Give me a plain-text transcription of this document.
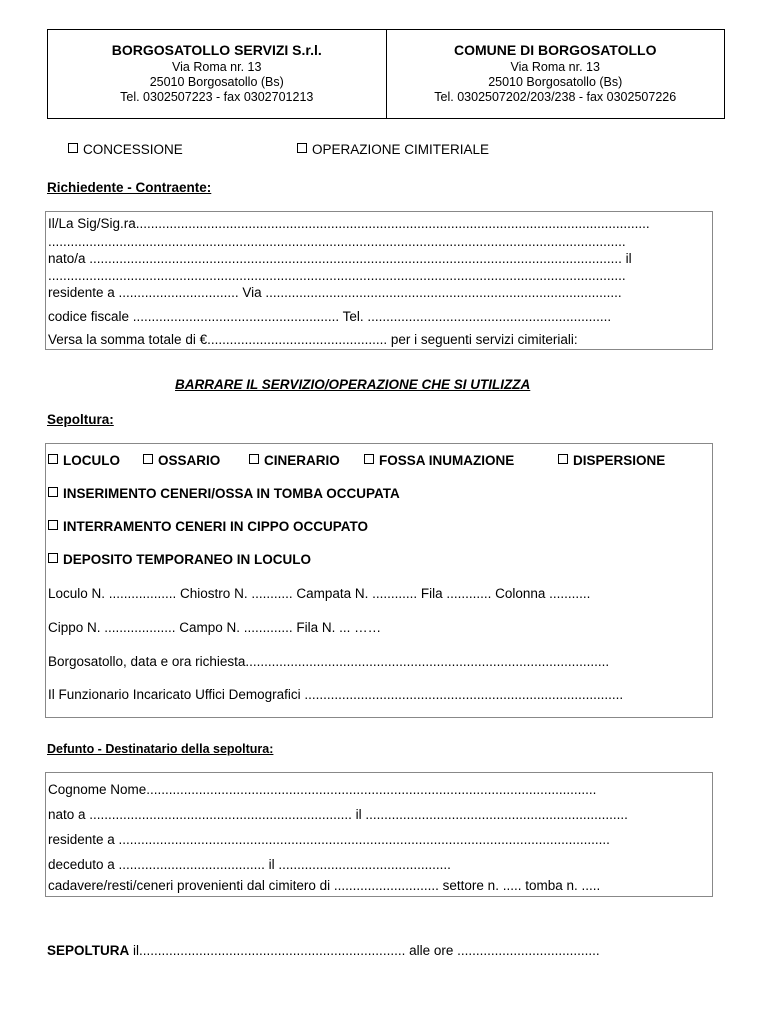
BORGOSATOLLO SERVIZI S.r.l.
Via Roma nr. 13
25010 Borgosatollo (Bs)
Tel. 0302507223 - fax 0302701213
COMUNE DI BORGOSATOLLO
Via Roma nr. 13
25010 Borgosatollo (Bs)
Tel. 0302507202/203/238 - fax 0302507226
CONCESSIONE	OPERAZIONE CIMITERIALE
Richiedente - Contraente:
Il/La Sig/Sig.ra.........................................................................................................................................
..........................................................................................................................................................
nato/a .............................................................................................................................................. il
..........................................................................................................................................................
residente a ................................ Via ...............................................................................................
codice fiscale ....................................................... Tel. .................................................................
Versa la somma totale di €................................................ per i seguenti servizi cimiteriali:
BARRARE IL SERVIZIO/OPERAZIONE CHE SI UTILIZZA
Sepoltura:
LOCULO	OSSARIO	CINERARIO	FOSSA INUMAZIONE	DISPERSIONE
INSERIMENTO CENERI/OSSA IN TOMBA OCCUPATA
INTERRAMENTO CENERI IN CIPPO OCCUPATO
DEPOSITO TEMPORANEO IN LOCULO
Loculo N. .................. Chiostro N. ........... Campata N. ............ Fila ............ Colonna ...........
Cippo N. ................... Campo N. ............. Fila N. ... ……
Borgosatollo, data e ora richiesta.................................................................................................
Il Funzionario Incaricato Uffici Demografici .....................................................................................
Defunto - Destinatario della sepoltura:
Cognome Nome........................................................................................................................
nato a ...................................................................... il ......................................................................
residente a ...................................................................................................................................
deceduto a ....................................... il ..............................................
cadavere/resti/ceneri provenienti dal cimitero di ............................ settore n. ..... tomba n. .....
SEPOLTURA il....................................................................... alle ore ......................................
